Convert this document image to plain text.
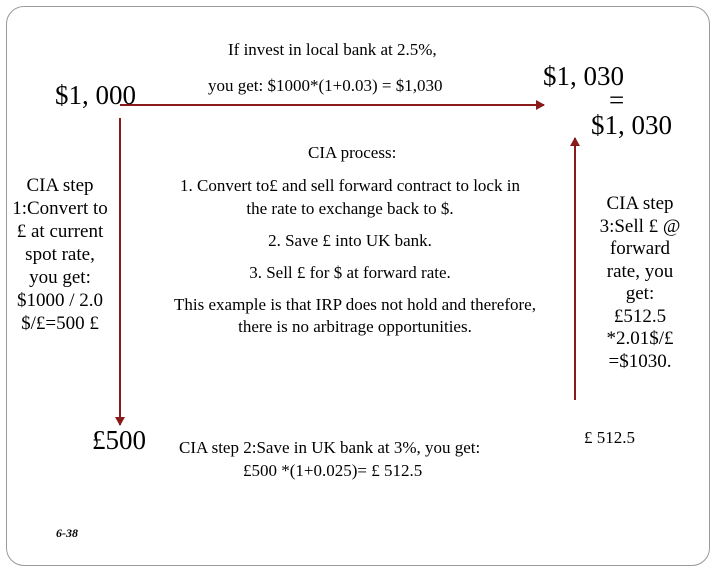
If invest in local bank at 2.5%,
you get: $1000*(1+0.03) = $1,030
$1, 000
$1, 030
=
$1, 030
CIA process:
1. Convert to£ and sell forward contract to lock in
the rate to exchange back to $.
2. Save £ into UK bank.
3. Sell £ for $ at forward rate.
This example is that IRP does not hold and therefore,
there is no arbitrage opportunities.
CIA step
1:Convert to
£ at current
spot rate,
you get:
$1000 / 2.0
$/£=500 £
CIA step
3:Sell £ @
forward
rate, you
get:
£512.5
*2.01$/£
=$1030.
£500 CIA step 2:Save in UK bank at 3%, you get:
£500 *(1+0.025)= £ 512.5
£ 512.5
6-38
